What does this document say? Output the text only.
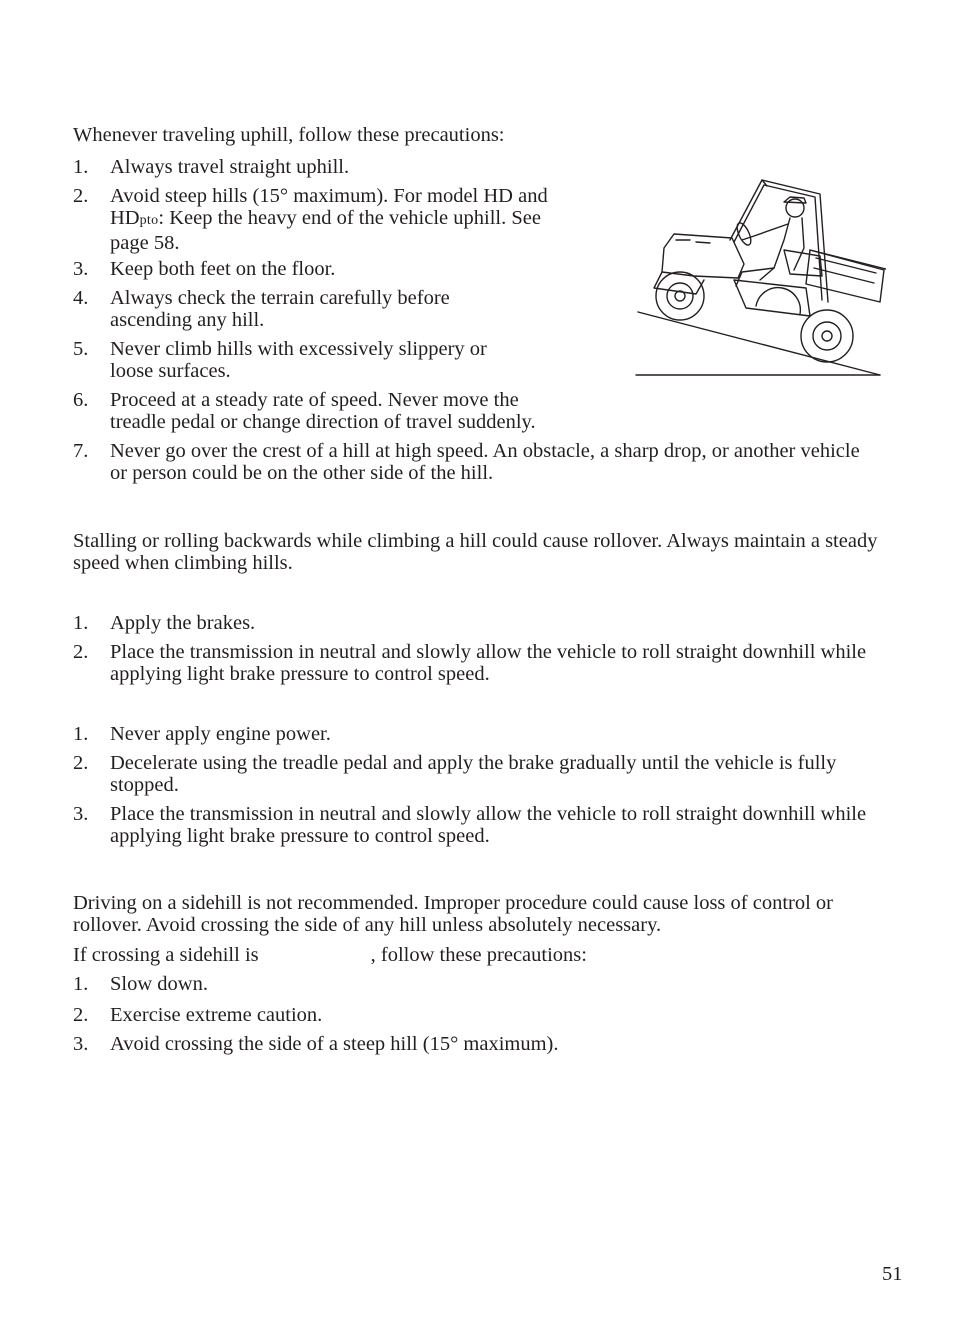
Whenever traveling uphill, follow these precautions:
1.	Always travel straight uphill.
2.	Avoid steep hills (15° maximum). For model HD and HDpto: Keep the heavy end of the vehicle uphill. See page 58.
3.	Keep both feet on the floor.
4.	Always check the terrain carefully before ascending any hill.
5.	Never climb hills with excessively slippery or loose surfaces.
6.	Proceed at a steady rate of speed. Never move the treadle pedal or change direction of travel suddenly.
7.	Never go over the crest of a hill at high speed. An obstacle, a sharp drop, or another vehicle or person could be on the other side of the hill.

Stalling or rolling backwards while climbing a hill could cause rollover. Always maintain a steady speed when climbing hills.

1.	Apply the brakes.
2.	Place the transmission in neutral and slowly allow the vehicle to roll straight downhill while applying light brake pressure to control speed.
1.	Never apply engine power.
2.	Decelerate using the treadle pedal and apply the brake gradually until the vehicle is fully stopped.
3.	Place the transmission in neutral and slowly allow the vehicle to roll straight downhill while applying light brake pressure to control speed.

Driving on a sidehill is not recommended. Improper procedure could cause loss of control or rollover. Avoid crossing the side of any hill unless absolutely necessary.

If crossing a sidehill is	, follow these precautions:
1.	Slow down.
2.	Exercise extreme caution.
3.	Avoid crossing the side of a steep hill (15° maximum).
51
